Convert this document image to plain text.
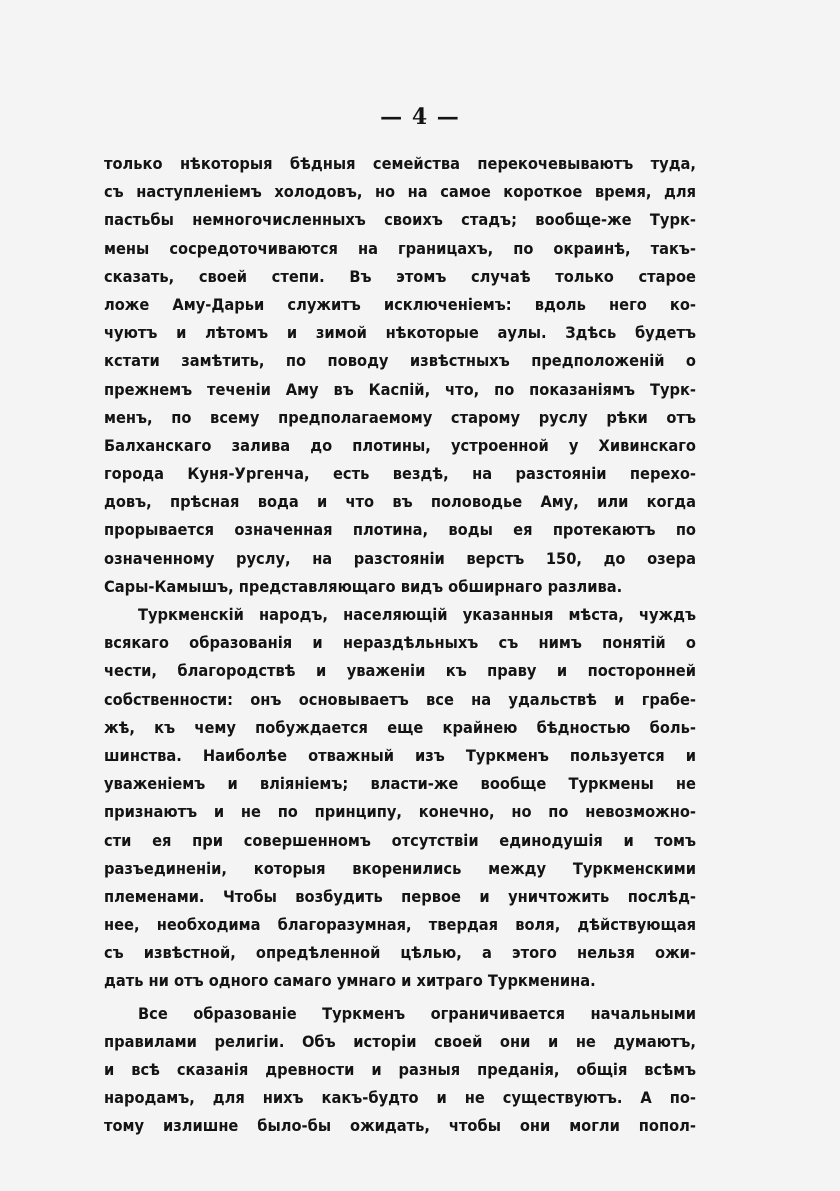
— 4 —
только нѣкоторыя бѣдныя семейства перекочевываютъ туда,
съ наступленіемъ холодовъ, но на самое короткое время, для
пастьбы немногочисленныхъ своихъ стадъ; вообще-же Турк-
мены сосредоточиваются на границахъ, по окраинѣ, такъ-
сказать, своей степи. Въ этомъ случаѣ только старое
ложе Аму-Дарьи служитъ исключеніемъ: вдоль него ко-
чуютъ и лѣтомъ и зимой нѣкоторые аулы. Здѣсь будетъ
кстати замѣтить, по поводу извѣстныхъ предположеній о
прежнемъ теченіи Аму въ Каспій, что, по показаніямъ Турк-
менъ, по всему предполагаемому старому руслу рѣки отъ
Балханскаго залива до плотины, устроенной у Хивинскаго
города Куня-Ургенча, есть вездѣ, на разстояніи перехо-
довъ, прѣсная вода и что въ половодье Аму, или когда
прорывается означенная плотина, воды ея протекаютъ по
означенному руслу, на разстояніи верстъ 150, до озера
Сары-Камышъ, представляющаго видъ обширнаго разлива.
Туркменскій народъ, населяющій указанныя мѣста, чуждъ
всякаго образованія и нераздѣльныхъ съ нимъ понятій о
чести, благородствѣ и уваженіи къ праву и посторонней
собственности: онъ основываетъ все на удальствѣ и грабе-
жѣ, къ чему побуждается еще крайнею бѣдностью боль-
шинства. Наиболѣе отважный изъ Туркменъ пользуется и
уваженіемъ и вліяніемъ; власти-же вообще Туркмены не
признаютъ и не по принципу, конечно, но по невозможно-
сти ея при совершенномъ отсутствіи единодушія и томъ
разъединеніи, которыя вкоренились между Туркменскими
племенами. Чтобы возбудить первое и уничтожить послѣд-
нее, необходима благоразумная, твердая воля, дѣйствующая
съ извѣстной, опредѣленной цѣлью, а этого нельзя ожи-
дать ни отъ одного самаго умнаго и хитраго Туркменина.
Все образованіе Туркменъ ограничивается начальными
правилами религіи. Объ исторіи своей они и не думаютъ,
и всѣ сказанія древности и разныя преданія, общія всѣмъ
народамъ, для нихъ какъ-будто и не существуютъ. А по-
тому излишне было-бы ожидать, чтобы они могли попол-
